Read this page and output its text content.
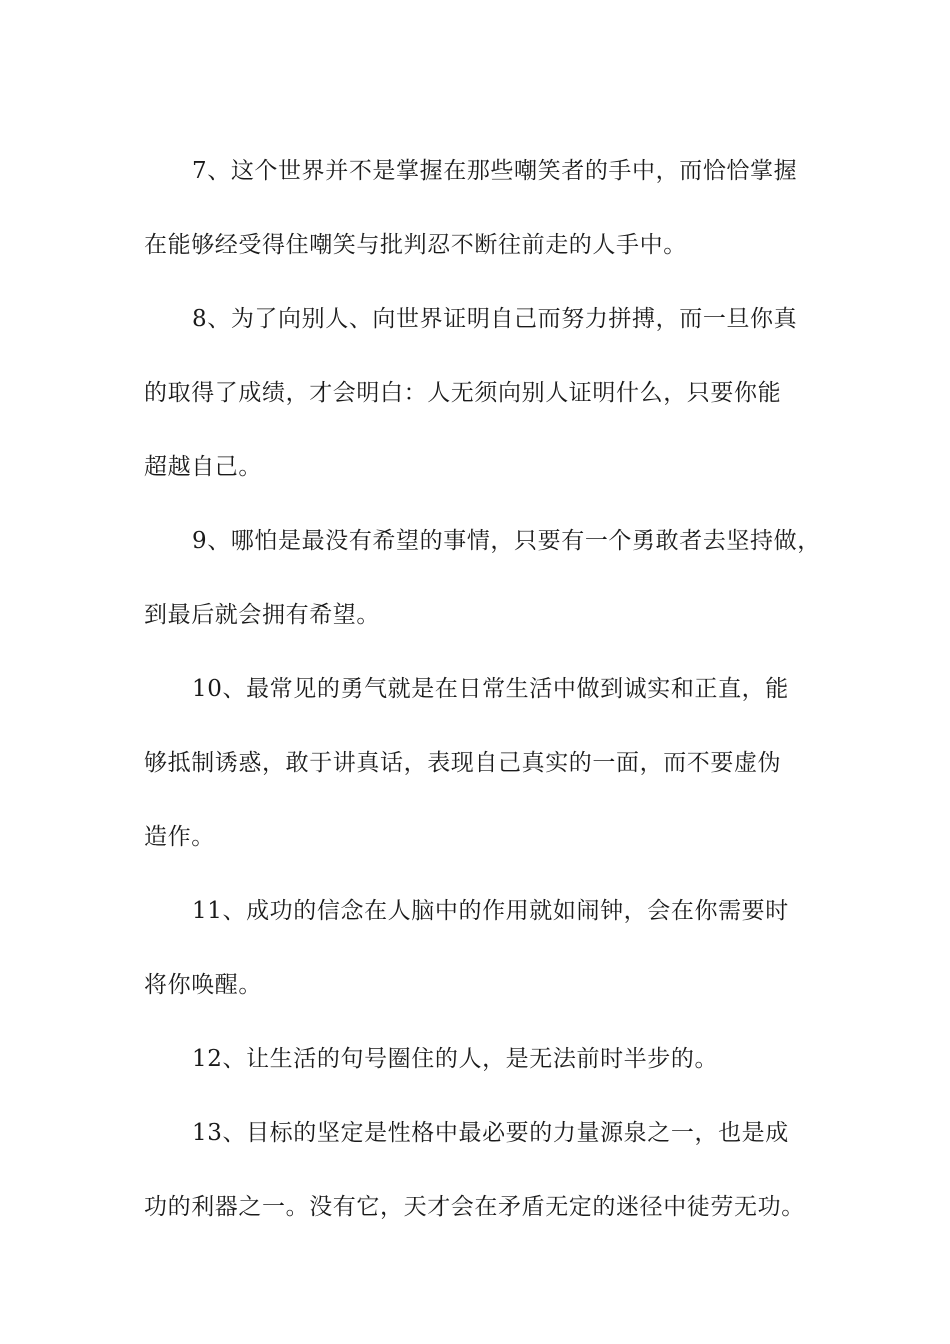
7、这个世界并不是掌握在那些嘲笑者的手中，而恰恰掌握
在能够经受得住嘲笑与批判忍不断往前走的人手中。
8、为了向别人、向世界证明自己而努力拼搏，而一旦你真
的取得了成绩，才会明白：人无须向别人证明什么，只要你能
超越自己。
9、哪怕是最没有希望的事情，只要有一个勇敢者去坚持做，
到最后就会拥有希望。
10、最常见的勇气就是在日常生活中做到诚实和正直，能
够抵制诱惑，敢于讲真话，表现自己真实的一面，而不要虚伪
造作。
11、成功的信念在人脑中的作用就如闹钟，会在你需要时
将你唤醒。
12、让生活的句号圈住的人，是无法前时半步的。
13、目标的坚定是性格中最必要的力量源泉之一，也是成
功的利器之一。没有它，天才会在矛盾无定的迷径中徒劳无功。
